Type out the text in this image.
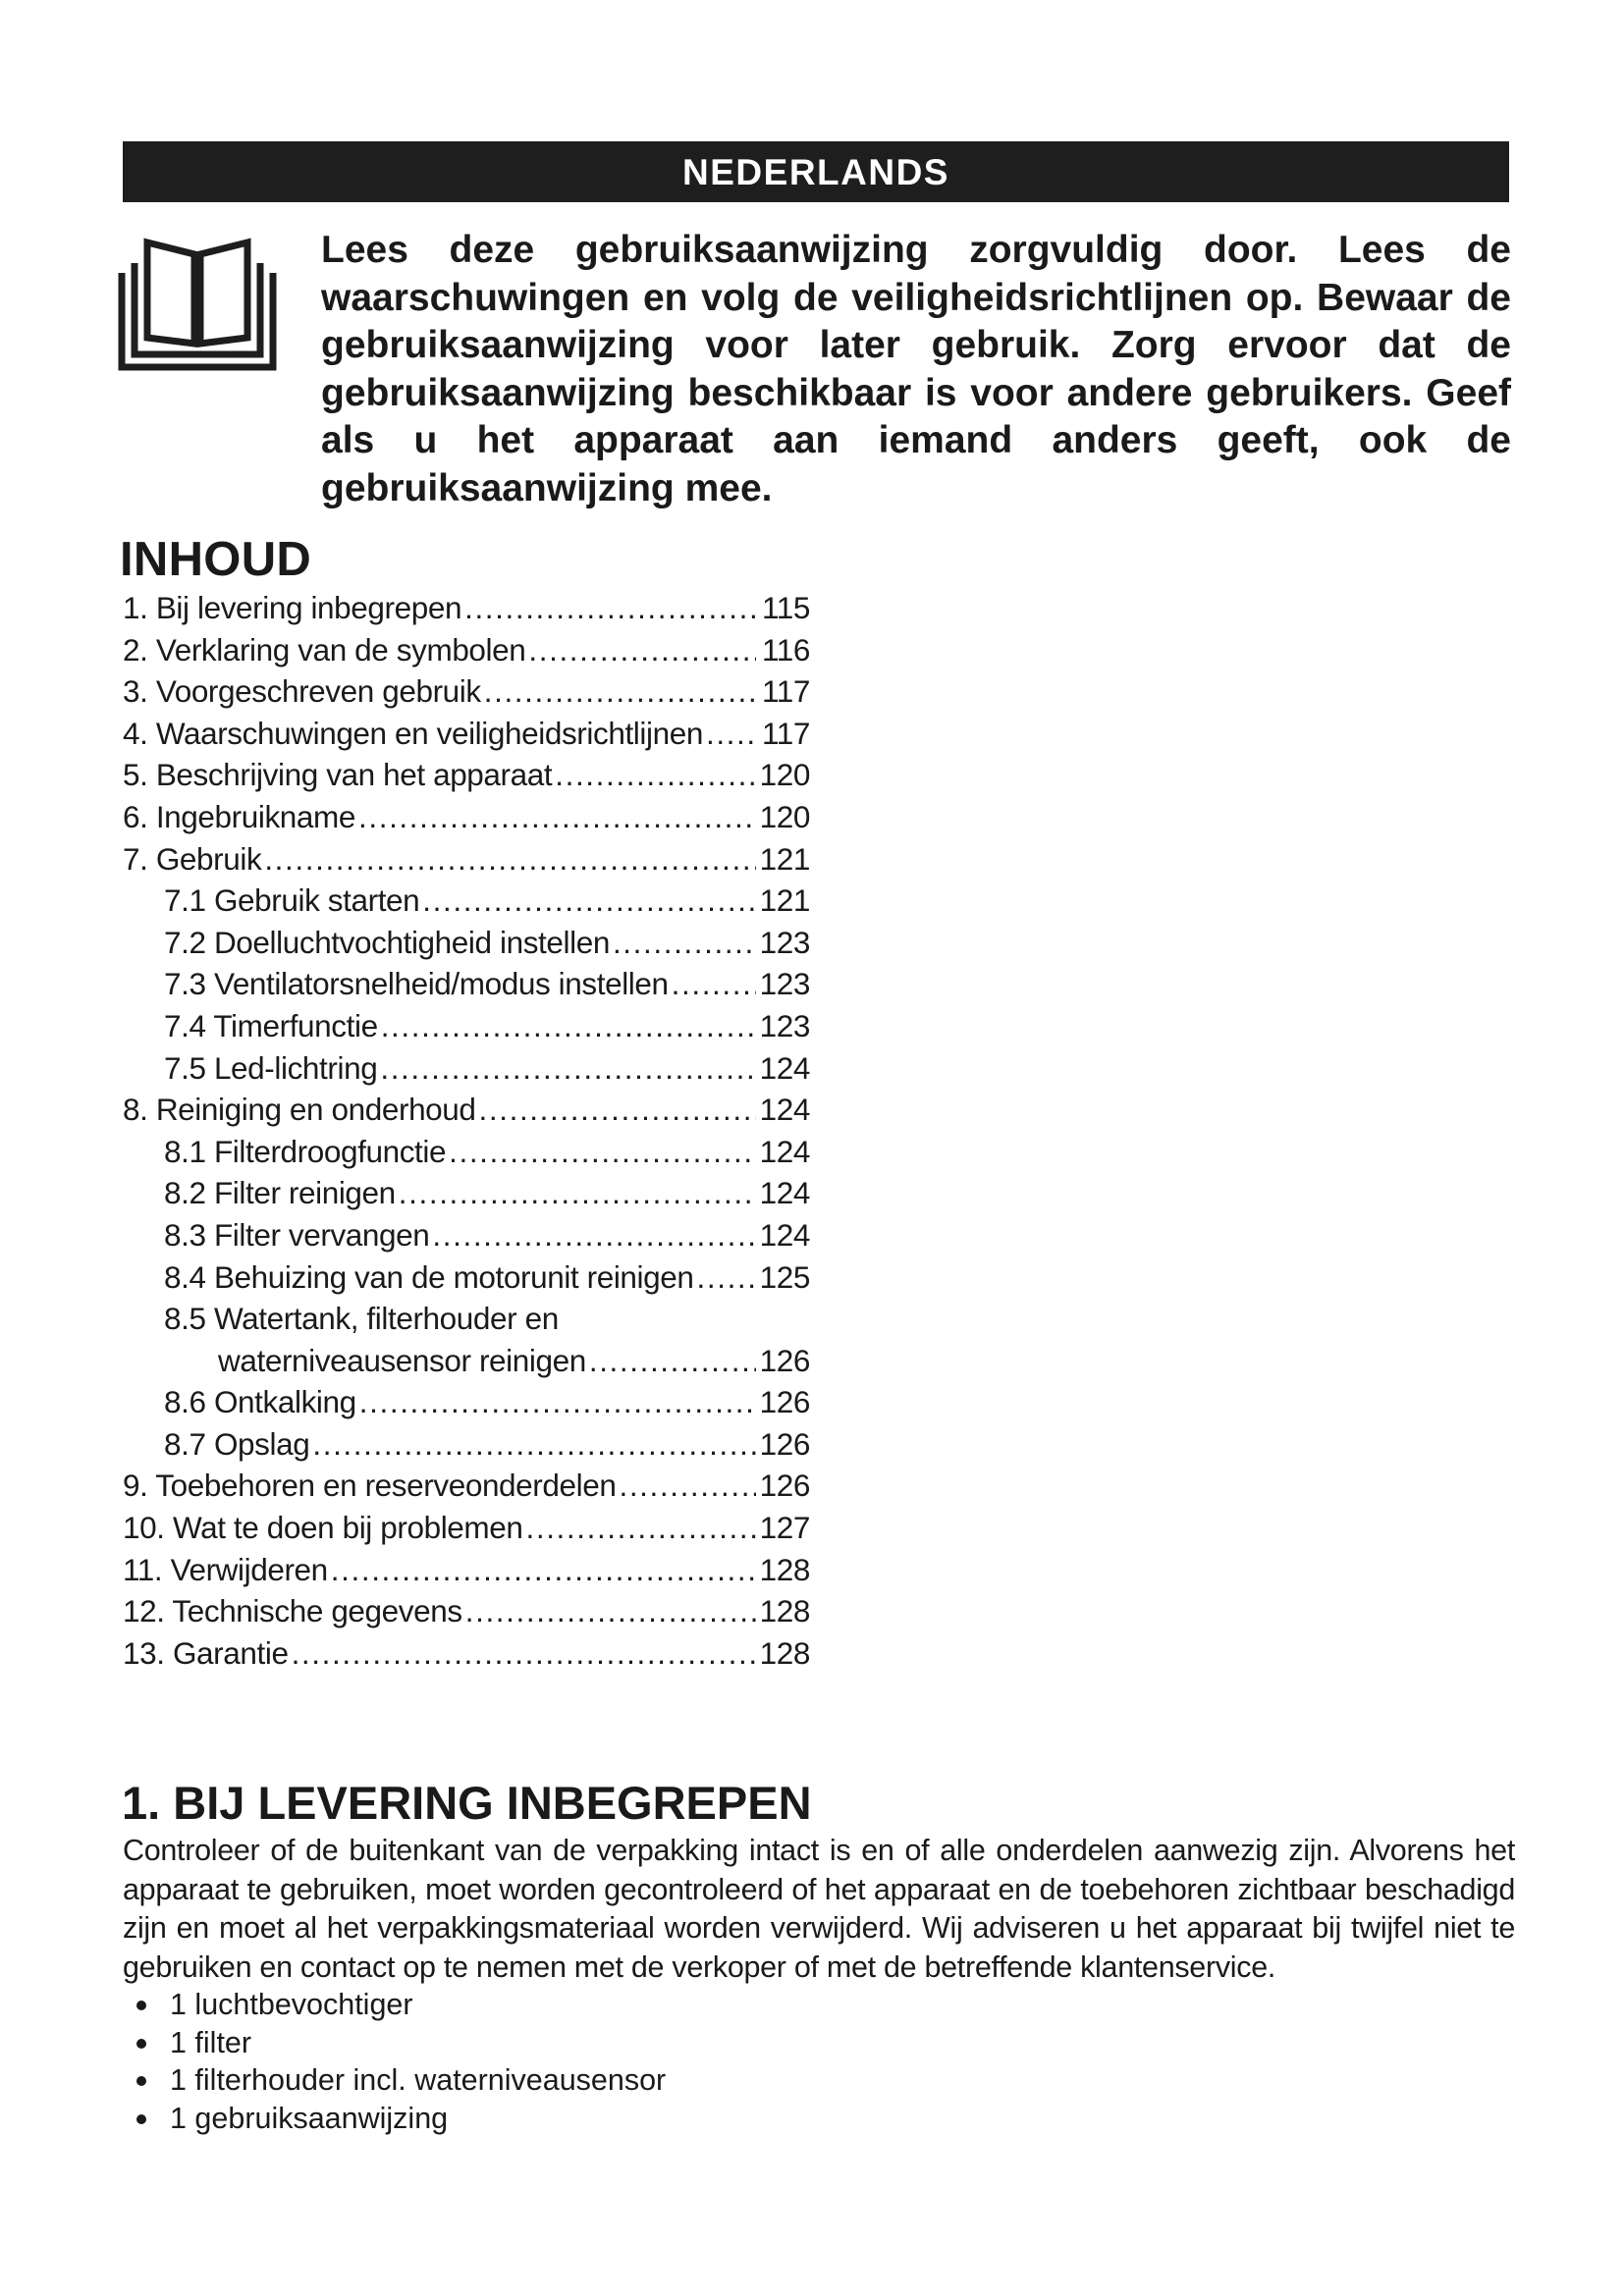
NEDERLANDS

Lees deze gebruiksaanwijzing zorgvuldig door. Lees de waarschuwingen en volg de veiligheidsrichtlijnen op. Bewaar de gebruiksaanwijzing voor later gebruik. Zorg ervoor dat de gebruiksaanwijzing beschikbaar is voor andere gebruikers. Geef als u het apparaat aan iemand anders geeft, ook de gebruiksaanwijzing mee.

INHOUD
1. Bij levering inbegrepen .....	115
2. Verklaring van de symbolen .....	116
3. Voorgeschreven gebruik .....	117
4. Waarschuwingen en veiligheidsrichtlijnen ..... 117
5. Beschrijving van het apparaat .....	120
6. Ingebruikname .....	120
7. Gebruik .....	121
7.1 Gebruik starten .....	121
7.2 Doelluchtvochtigheid instellen .....	123
7.3 Ventilatorsnelheid/modus instellen .....	123
7.4 Timerfunctie .....	123
7.5 Led-lichtring .....	124
8. Reiniging en onderhoud .....	124
8.1 Filterdroogfunctie .....	124
8.2 Filter reinigen .....	124
8.3 Filter vervangen .....	124
8.4 Behuizing van de motorunit reinigen ..... 125
8.5 Watertank, filterhouder en
waterniveausensor reinigen .....	126
8.6 Ontkalking .....	126
8.7 Opslag .....	126
9. Toebehoren en reserveonderdelen .....	126
10. Wat te doen bij problemen .....	127
11. Verwijderen .....	128
12. Technische gegevens .....	128
13. Garantie .....	128
1. BIJ LEVERING INBEGREPEN

Controleer of de buitenkant van de verpakking intact is en of alle onderdelen aanwezig zijn. Alvorens het apparaat te gebruiken, moet worden gecontroleerd of het apparaat en de toebehoren zichtbaar beschadigd zijn en moet al het verpakkingsmateriaal worden verwijderd. Wij adviseren u het apparaat bij twijfel niet te gebruiken en contact op te nemen met de verkoper of met de betreffende klantenservice.

1 luchtbevochtiger
1 filter
1 filterhouder incl. waterniveausensor
1 gebruiksaanwijzing
